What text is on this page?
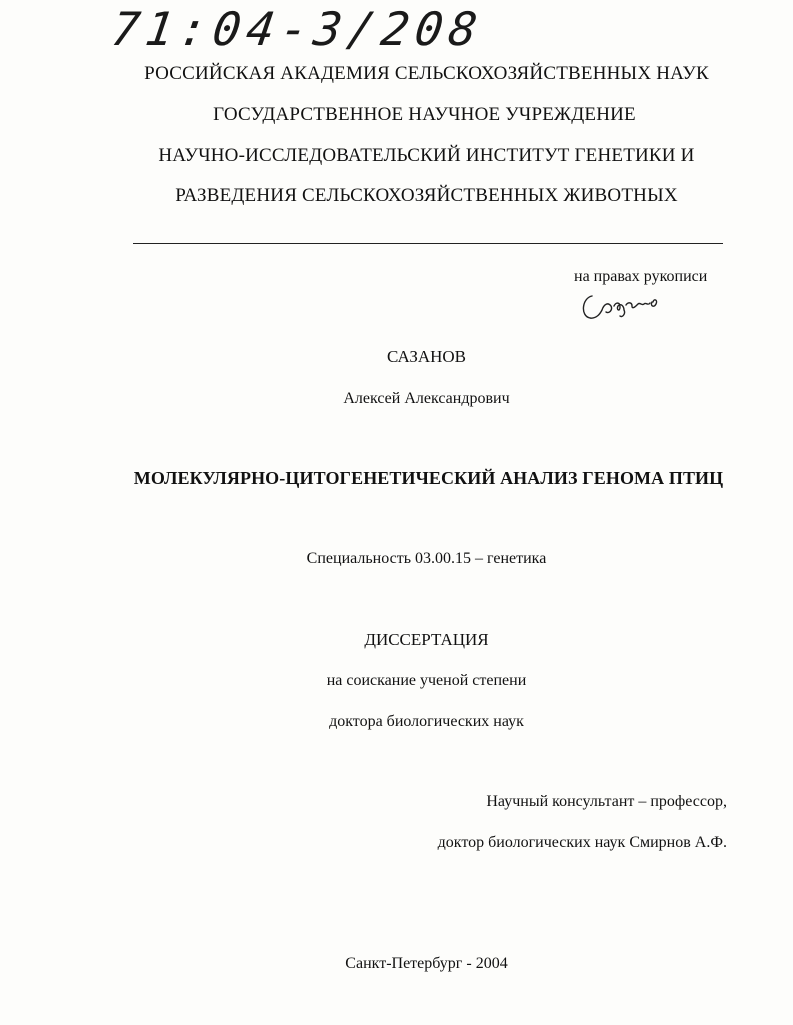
71:04-3/208
РОССИЙСКАЯ АКАДЕМИЯ СЕЛЬСКОХОЗЯЙСТВЕННЫХ НАУК
ГОСУДАРСТВЕННОЕ НАУЧНОЕ УЧРЕЖДЕНИЕ
НАУЧНО-ИССЛЕДОВАТЕЛЬСКИЙ ИНСТИТУТ ГЕНЕТИКИ И
РАЗВЕДЕНИЯ СЕЛЬСКОХОЗЯЙСТВЕННЫХ ЖИВОТНЫХ
на правах рукописи
САЗАНОВ
Алексей Александрович
МОЛЕКУЛЯРНО-ЦИТОГЕНЕТИЧЕСКИЙ АНАЛИЗ ГЕНОМА ПТИЦ
Специальность 03.00.15 – генетика
ДИССЕРТАЦИЯ
на соискание ученой степени
доктора биологических наук
Научный консультант – профессор,
доктор биологических наук Смирнов А.Ф.
Санкт-Петербург - 2004
